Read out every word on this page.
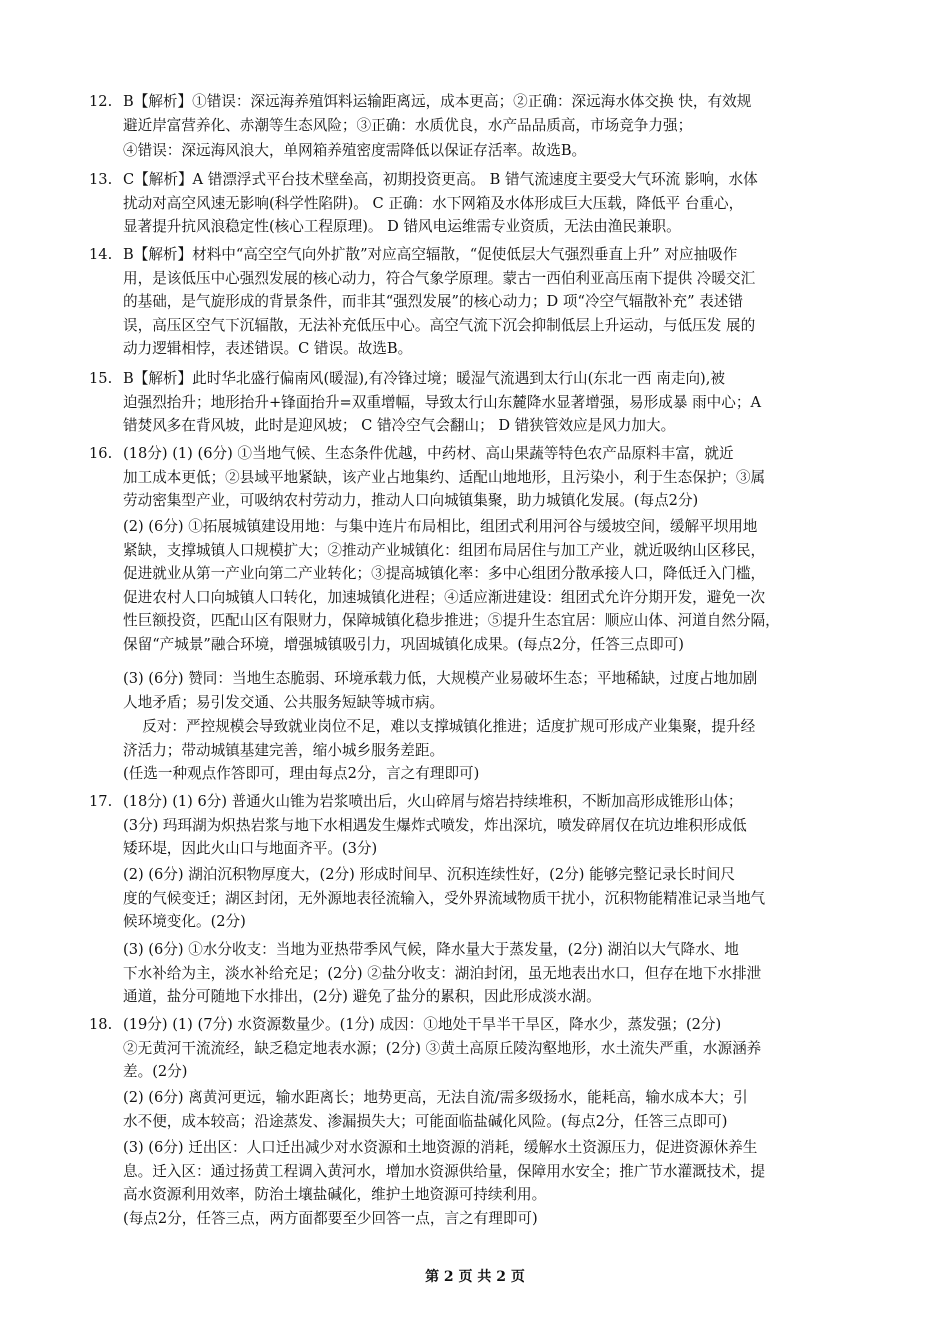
12. B【解析】①错误：深远海养殖饵料运输距离远，成本更高；②正确：深远海水体交换 快，有效规
避近岸富营养化、赤潮等生态风险；③正确：水质优良，水产品品质高，市场竞争力强；
④错误：深远海风浪大，单网箱养殖密度需降低以保证存活率。故选B。
13. C【解析】A 错漂浮式平台技术壁垒高，初期投资更高。 B 错气流速度主要受大气环流 影响，水体
扰动对高空风速无影响(科学性陷阱)。 C 正确：水下网箱及水体形成巨大压载，降低平 台重心，
显著提升抗风浪稳定性(核心工程原理)。 D 错风电运维需专业资质，无法由渔民兼职。
14. B【解析】材料中“高空空气向外扩散”对应高空辐散，“促使低层大气强烈垂直上升” 对应抽吸作
用，是该低压中心强烈发展的核心动力，符合气象学原理。蒙古一西伯利亚高压南下提供 冷暖交汇
的基础，是气旋形成的背景条件，而非其“强烈发展”的核心动力；D 项“冷空气辐散补充” 表述错
误，高压区空气下沉辐散，无法补充低压中心。高空气流下沉会抑制低层上升运动，与低压发 展的
动力逻辑相悖，表述错误。C 错误。故选B。
15. B【解析】此时华北盛行偏南风(暖湿),有冷锋过境；暖湿气流遇到太行山(东北一西 南走向),被
迫强烈抬升；地形抬升+锋面抬升=双重增幅，导致太行山东麓降水显著增强，易形成暴 雨中心；A
错焚风多在背风坡，此时是迎风坡； C 错冷空气会翻山； D 错狭管效应是风力加大。
16. (18分) (1) (6分) ①当地气候、生态条件优越，中药材、高山果蔬等特色农产品原料丰富，就近
加工成本更低；②县域平地紧缺，该产业占地集约、适配山地地形，且污染小，利于生态保护；③属
劳动密集型产业，可吸纳农村劳动力，推动人口向城镇集聚，助力城镇化发展。(每点2分)
(2) (6分) ①拓展城镇建设用地：与集中连片布局相比，组团式利用河谷与缓坡空间，缓解平坝用地
紧缺，支撑城镇人口规模扩大；②推动产业城镇化：组团布局居住与加工产业，就近吸纳山区移民，
促进就业从第一产业向第二产业转化；③提高城镇化率：多中心组团分散承接人口，降低迁入门槛，
促进农村人口向城镇人口转化，加速城镇化进程；④适应渐进建设：组团式允许分期开发，避免一次
性巨额投资，匹配山区有限财力，保障城镇化稳步推进；⑤提升生态宜居：顺应山体、河道自然分隔，
保留“产城景”融合环境，增强城镇吸引力，巩固城镇化成果。(每点2分，任答三点即可)
(3) (6分) 赞同：当地生态脆弱、环境承载力低，大规模产业易破坏生态；平地稀缺，过度占地加剧
人地矛盾；易引发交通、公共服务短缺等城市病。
　 反对：严控规模会导致就业岗位不足，难以支撑城镇化推进；适度扩规可形成产业集聚，提升经
济活力；带动城镇基建完善，缩小城乡服务差距。
(任选一种观点作答即可，理由每点2分，言之有理即可)
17. (18分) (1) 6分) 普通火山锥为岩浆喷出后，火山碎屑与熔岩持续堆积，不断加高形成锥形山体；
(3分) 玛珥湖为炽热岩浆与地下水相遇发生爆炸式喷发，炸出深坑，喷发碎屑仅在坑边堆积形成低
矮环堤，因此火山口与地面齐平。(3分)
(2) (6分) 湖泊沉积物厚度大，(2分) 形成时间早、沉积连续性好，(2分) 能够完整记录长时间尺
度的气候变迁；湖区封闭，无外源地表径流输入，受外界流域物质干扰小，沉积物能精准记录当地气
候环境变化。(2分)
(3) (6分) ①水分收支：当地为亚热带季风气候，降水量大于蒸发量，(2分) 湖泊以大气降水、地
下水补给为主，淡水补给充足；(2分) ②盐分收支：湖泊封闭，虽无地表出水口，但存在地下水排泄
通道，盐分可随地下水排出，(2分) 避免了盐分的累积，因此形成淡水湖。
18. (19分) (1) (7分) 水资源数量少。(1分) 成因：①地处干旱半干旱区，降水少，蒸发强；(2分)
②无黄河干流流经，缺乏稳定地表水源；(2分) ③黄土高原丘陵沟壑地形，水土流失严重，水源涵养
差。(2分)
(2) (6分) 离黄河更远，输水距离长；地势更高，无法自流/需多级扬水，能耗高，输水成本大；引
水不便，成本较高；沿途蒸发、渗漏损失大；可能面临盐碱化风险。(每点2分，任答三点即可)
(3) (6分) 迁出区：人口迁出减少对水资源和土地资源的消耗，缓解水土资源压力，促进资源休养生
息。迁入区：通过扬黄工程调入黄河水，增加水资源供给量，保障用水安全；推广节水灌溉技术，提
高水资源利用效率，防治土壤盐碱化，维护土地资源可持续利用。
(每点2分，任答三点，两方面都要至少回答一点，言之有理即可)
第 2 页 共 2 页
